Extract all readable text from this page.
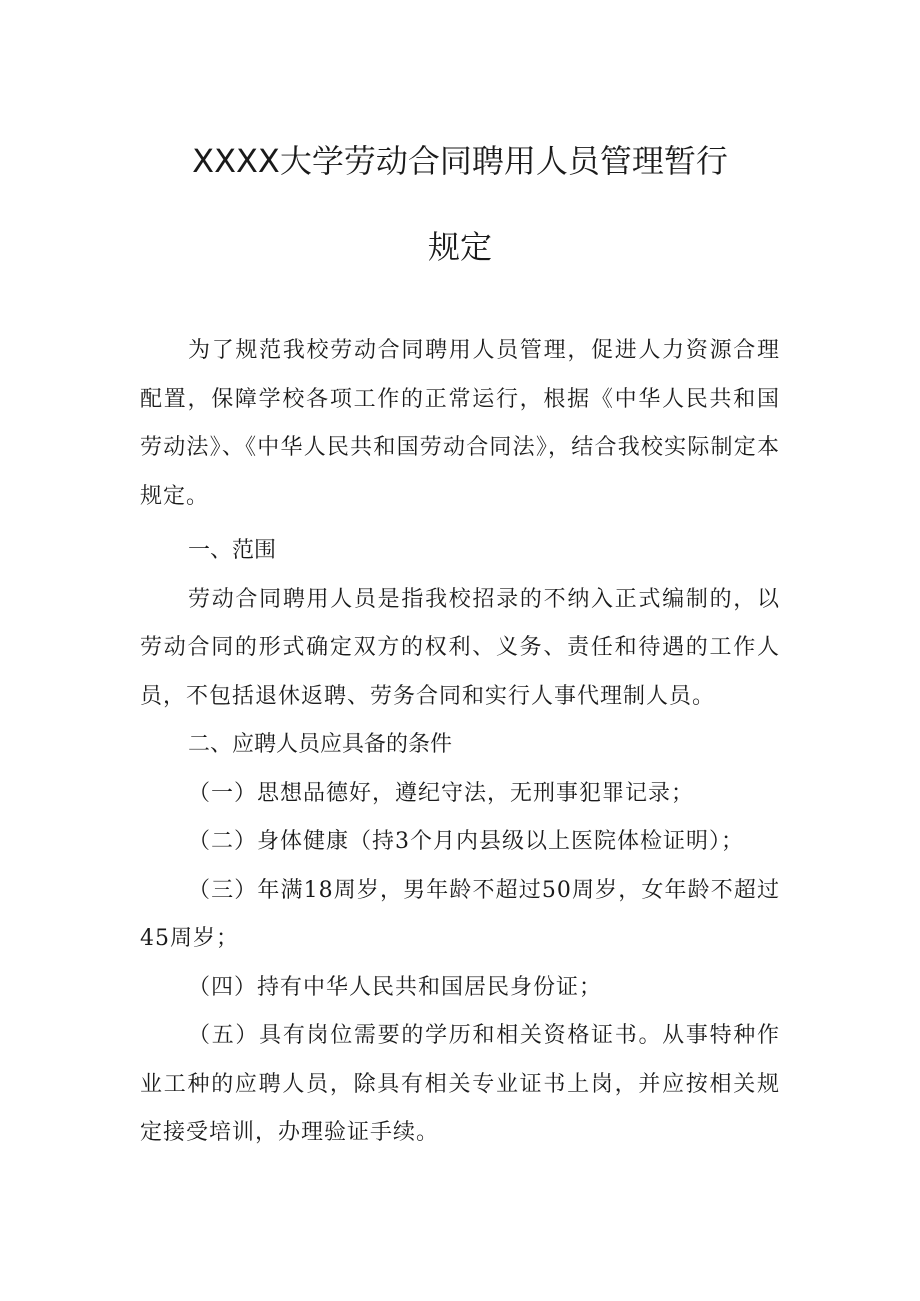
XXXX大学劳动合同聘用人员管理暂行
规定

为了规范我校劳动合同聘用人员管理，促进人力资源合理配置，保障学校各项工作的正常运行，根据《中华人民共和国劳动法》、《中华人民共和国劳动合同法》，结合我校实际制定本规定。

一、范围

劳动合同聘用人员是指我校招录的不纳入正式编制的，以劳动合同的形式确定双方的权利、义务、责任和待遇的工作人员，不包括退休返聘、劳务合同和实行人事代理制人员。

二、应聘人员应具备的条件

（一）思想品德好，遵纪守法，无刑事犯罪记录；

（二）身体健康（持3个月内县级以上医院体检证明）；

（三）年满18周岁，男年龄不超过50周岁，女年龄不超过45周岁；

（四）持有中华人民共和国居民身份证；

（五）具有岗位需要的学历和相关资格证书。从事特种作业工种的应聘人员，除具有相关专业证书上岗，并应按相关规定接受培训，办理验证手续。
